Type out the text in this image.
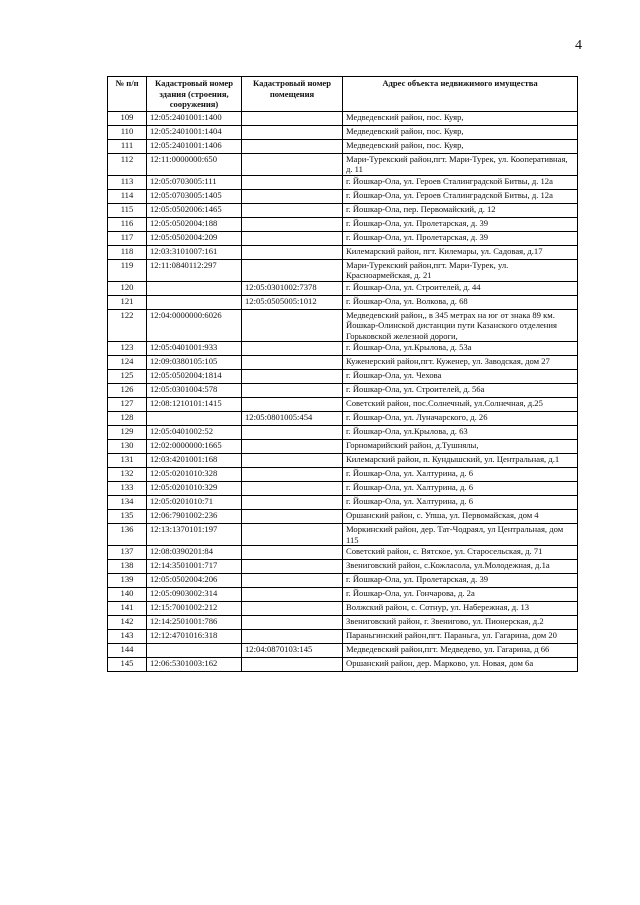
4
№ п/п	Кадастровый номер здания (строения, сооружения)	Кадастровый номер помещения	Адрес объекта недвижимого имущества
109	12:05:2401001:1400		Медведевский район, пос. Куяр,
110	12:05:2401001:1404		Медведевский район, пос. Куяр,
111	12:05:2401001:1406		Медведевский район, пос. Куяр,
112	12:11:0000000:650		Мари-Турекский район,пгт. Мари-Турек, ул. Кооперативная, д. 11
113	12:05:0703005:111		г. Йошкар-Ола, ул. Героев Сталинградской Битвы, д. 12а
114	12:05:0703005:1405		г. Йошкар-Ола, ул. Героев Сталинградской Битвы, д. 12а
115	12:05:0502006:1465		г. Йошкар-Ола, пер. Первомайский, д. 12
116	12:05:0502004:188		г. Йошкар-Ола, ул. Пролетарская, д. 39
117	12:05:0502004:209		г. Йошкар-Ола, ул. Пролетарская, д. 39
118	12:03:3101007:161		Килемарский район, пгт. Килемары, ул. Садовая, д.17
119	12:11:0840112:297		Мари-Турекский район,пгт. Мари-Турек, ул. Красноармейская, д. 21
120		12:05:0301002:7378	г. Йошкар-Ола, ул. Строителей, д. 44
121		12:05:0505005:1012	г. Йошкар-Ола, ул. Волкова, д. 68
122	12:04:0000000:6026		Медведевский район,, в 345 метрах на юг от знака 89 км. Йошкар-Олинской дистанции пути Казанского отделения Горьковской железной дороги,
123	12:05:0401001:933		г. Йошкар-Ола, ул.Крылова, д. 53а
124	12:09:0380105:105		Куженерский район,пгт. Куженер, ул. Заводская, дом 27
125	12:05:0502004:1814		г. Йошкар-Ола, ул. Чехова
126	12:05:0301004:578		г. Йошкар-Ола, ул. Строителей, д. 56а
127	12:08:1210101:1415		Советский район, пос.Солнечный, ул.Солнечная, д.25
128		12:05:0801005:454	г. Йошкар-Ола, ул. Луначарского, д. 26
129	12:05:0401002:52		г. Йошкар-Ола, ул.Крылова, д. 63
130	12:02:0000000:1665		Горномарийский район, д.Тушнялы,
131	12:03:4201001:168		Килемарский район, п. Кундышский, ул. Центральная, д.1
132	12:05:0201010:328		г. Йошкар-Ола, ул. Халтурина, д. 6
133	12:05:0201010:329		г. Йошкар-Ола, ул. Халтурина, д. 6
134	12:05:0201010:71		г. Йошкар-Ола, ул. Халтурина, д. 6
135	12:06:7901002:236		Оршанский район, с. Упша, ул. Первомайская, дом 4
136	12:13:1370101:197		Моркинский район, дер. Тат-Чодраял, ул Центральная, дом 115
137	12:08:0390201:84		Советский район, с. Вятское, ул. Старосельская, д. 71
138	12:14:3501001:717		Звениговский район, с.Кожласола, ул.Молодежная, д.1а
139	12:05:0502004:206		г. Йошкар-Ола, ул. Пролетарская, д. 39
140	12:05:0903002:314		г. Йошкар-Ола, ул. Гончарова, д. 2а
141	12:15:7001002:212		Волжский район, с. Сотнур, ул. Набережная, д. 13
142	12:14:2501001:786		Звениговский район, г. Звенигово, ул. Пионерская, д.2
143	12:12:4701016:318		Параньгинский район,пгт. Параньга, ул. Гагарина, дом 20
144		12:04:0870103:145	Медведевский район,пгт. Медведево, ул. Гагарина, д 66
145	12:06:5301003:162		Оршанский район, дер. Марково, ул. Новая, дом 6а
